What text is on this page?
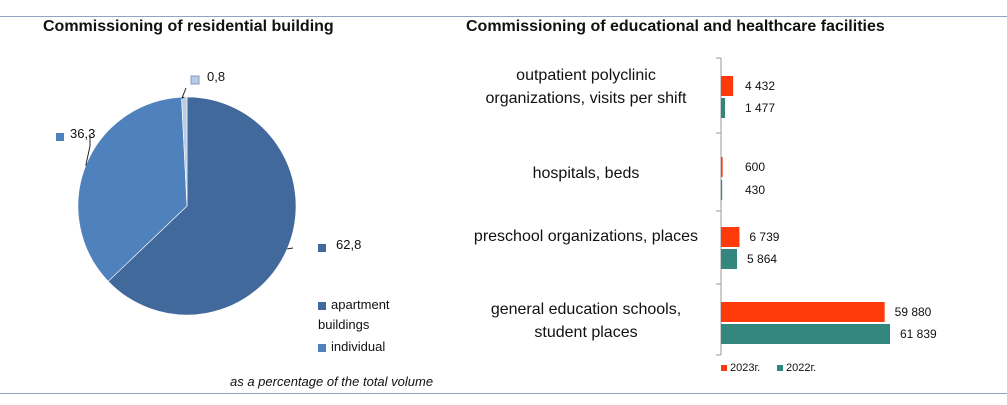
Commissioning of residential building	Commissioning of educational and healthcare facilities
62,8
36,3
0,8
4 432
1 477
600
430
6 739
5 864
59 880
61 839
apartment buildings
individual
as a percentage of the total volume
outpatient polyclinic organizations, visits per shift
hospitals, beds
preschool organizations, places
general education schools, student places
2023г.	2022г.
